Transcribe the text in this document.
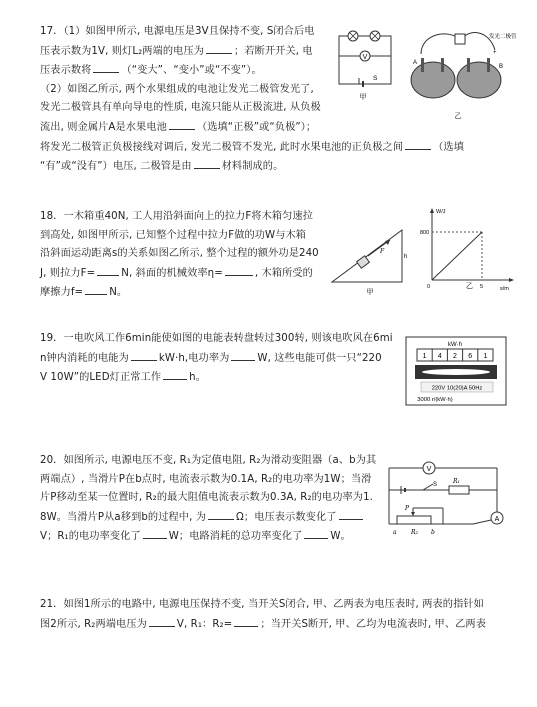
17．（1）如图甲所示, 电源电压是3V且保持不变, S闭合后电
压表示数为1V, 则灯L₂两端的电压为	；若断开开关, 电
压表示数将	（“变大”、“变小”或“不变”）。
（2）如图乙所示, 两个水果组成的电池让发光二极管发光了,
发光二极管具有单向导电的性质, 电流只能从正极流进, 从负极
流出, 则金属片A是水果电池	（选填“正极”或“负极”）；
将发光二极管正负极接线对调后, 发光二极管不发光, 此时水果电池的正负极之间	（选填
“有”或“没有”）电压, 二极管是由	材料制成的。
V
S
甲
发光二极管
+
A
B
乙
18．一木箱重40N, 工人用沿斜面向上的拉力F将木箱匀速拉
到高处, 如图甲所示, 已知整个过程中拉力F做的功W与木箱
沿斜面运动距离s的关系如图乙所示, 整个过程的额外功是240
J, 则拉力F=	N, 斜面的机械效率η=	, 木箱所受的
摩擦力f=	N。
h
F
甲
W/J
s/m
800
0	5
乙
19．一电吹风工作6min能使如图的电能表转盘转过300转, 则该电吹风在6mi
n钟内消耗的电能为	kW·h,电功率为	W, 这些电能可供一只“220
V 10W”的LED灯正常工作	h。
kW·h
1 4 2 6 1
220V 10(20)A 50Hz
3000 r/(kW·h)
20．如图所示, 电源电压不变, R₁为定值电阻, R₂为滑动变阻器（a、b为其
两端点）, 当滑片P在b点时, 电流表示数为0.1A, R₂的电功率为1W；当滑
片P移动至某一位置时, R₂的最大阻值电流表示数为0.3A, R₂的电功率为1.
8W。当滑片P从a移到b的过程中, 为	Ω；电压表示数变化了
V；R₁的电功率变化了	W；电路消耗的总功率变化了	W。
V
S	R₁
P
a	b
R₂
A
21．如图1所示的电路中, 电源电压保持不变, 当开关S闭合, 甲、乙两表为电压表时, 两表的指针如
图2所示, R₂两端电压为	V, R₁：R₂=	；当开关S断开, 甲、乙均为电流表时, 甲、乙两表
